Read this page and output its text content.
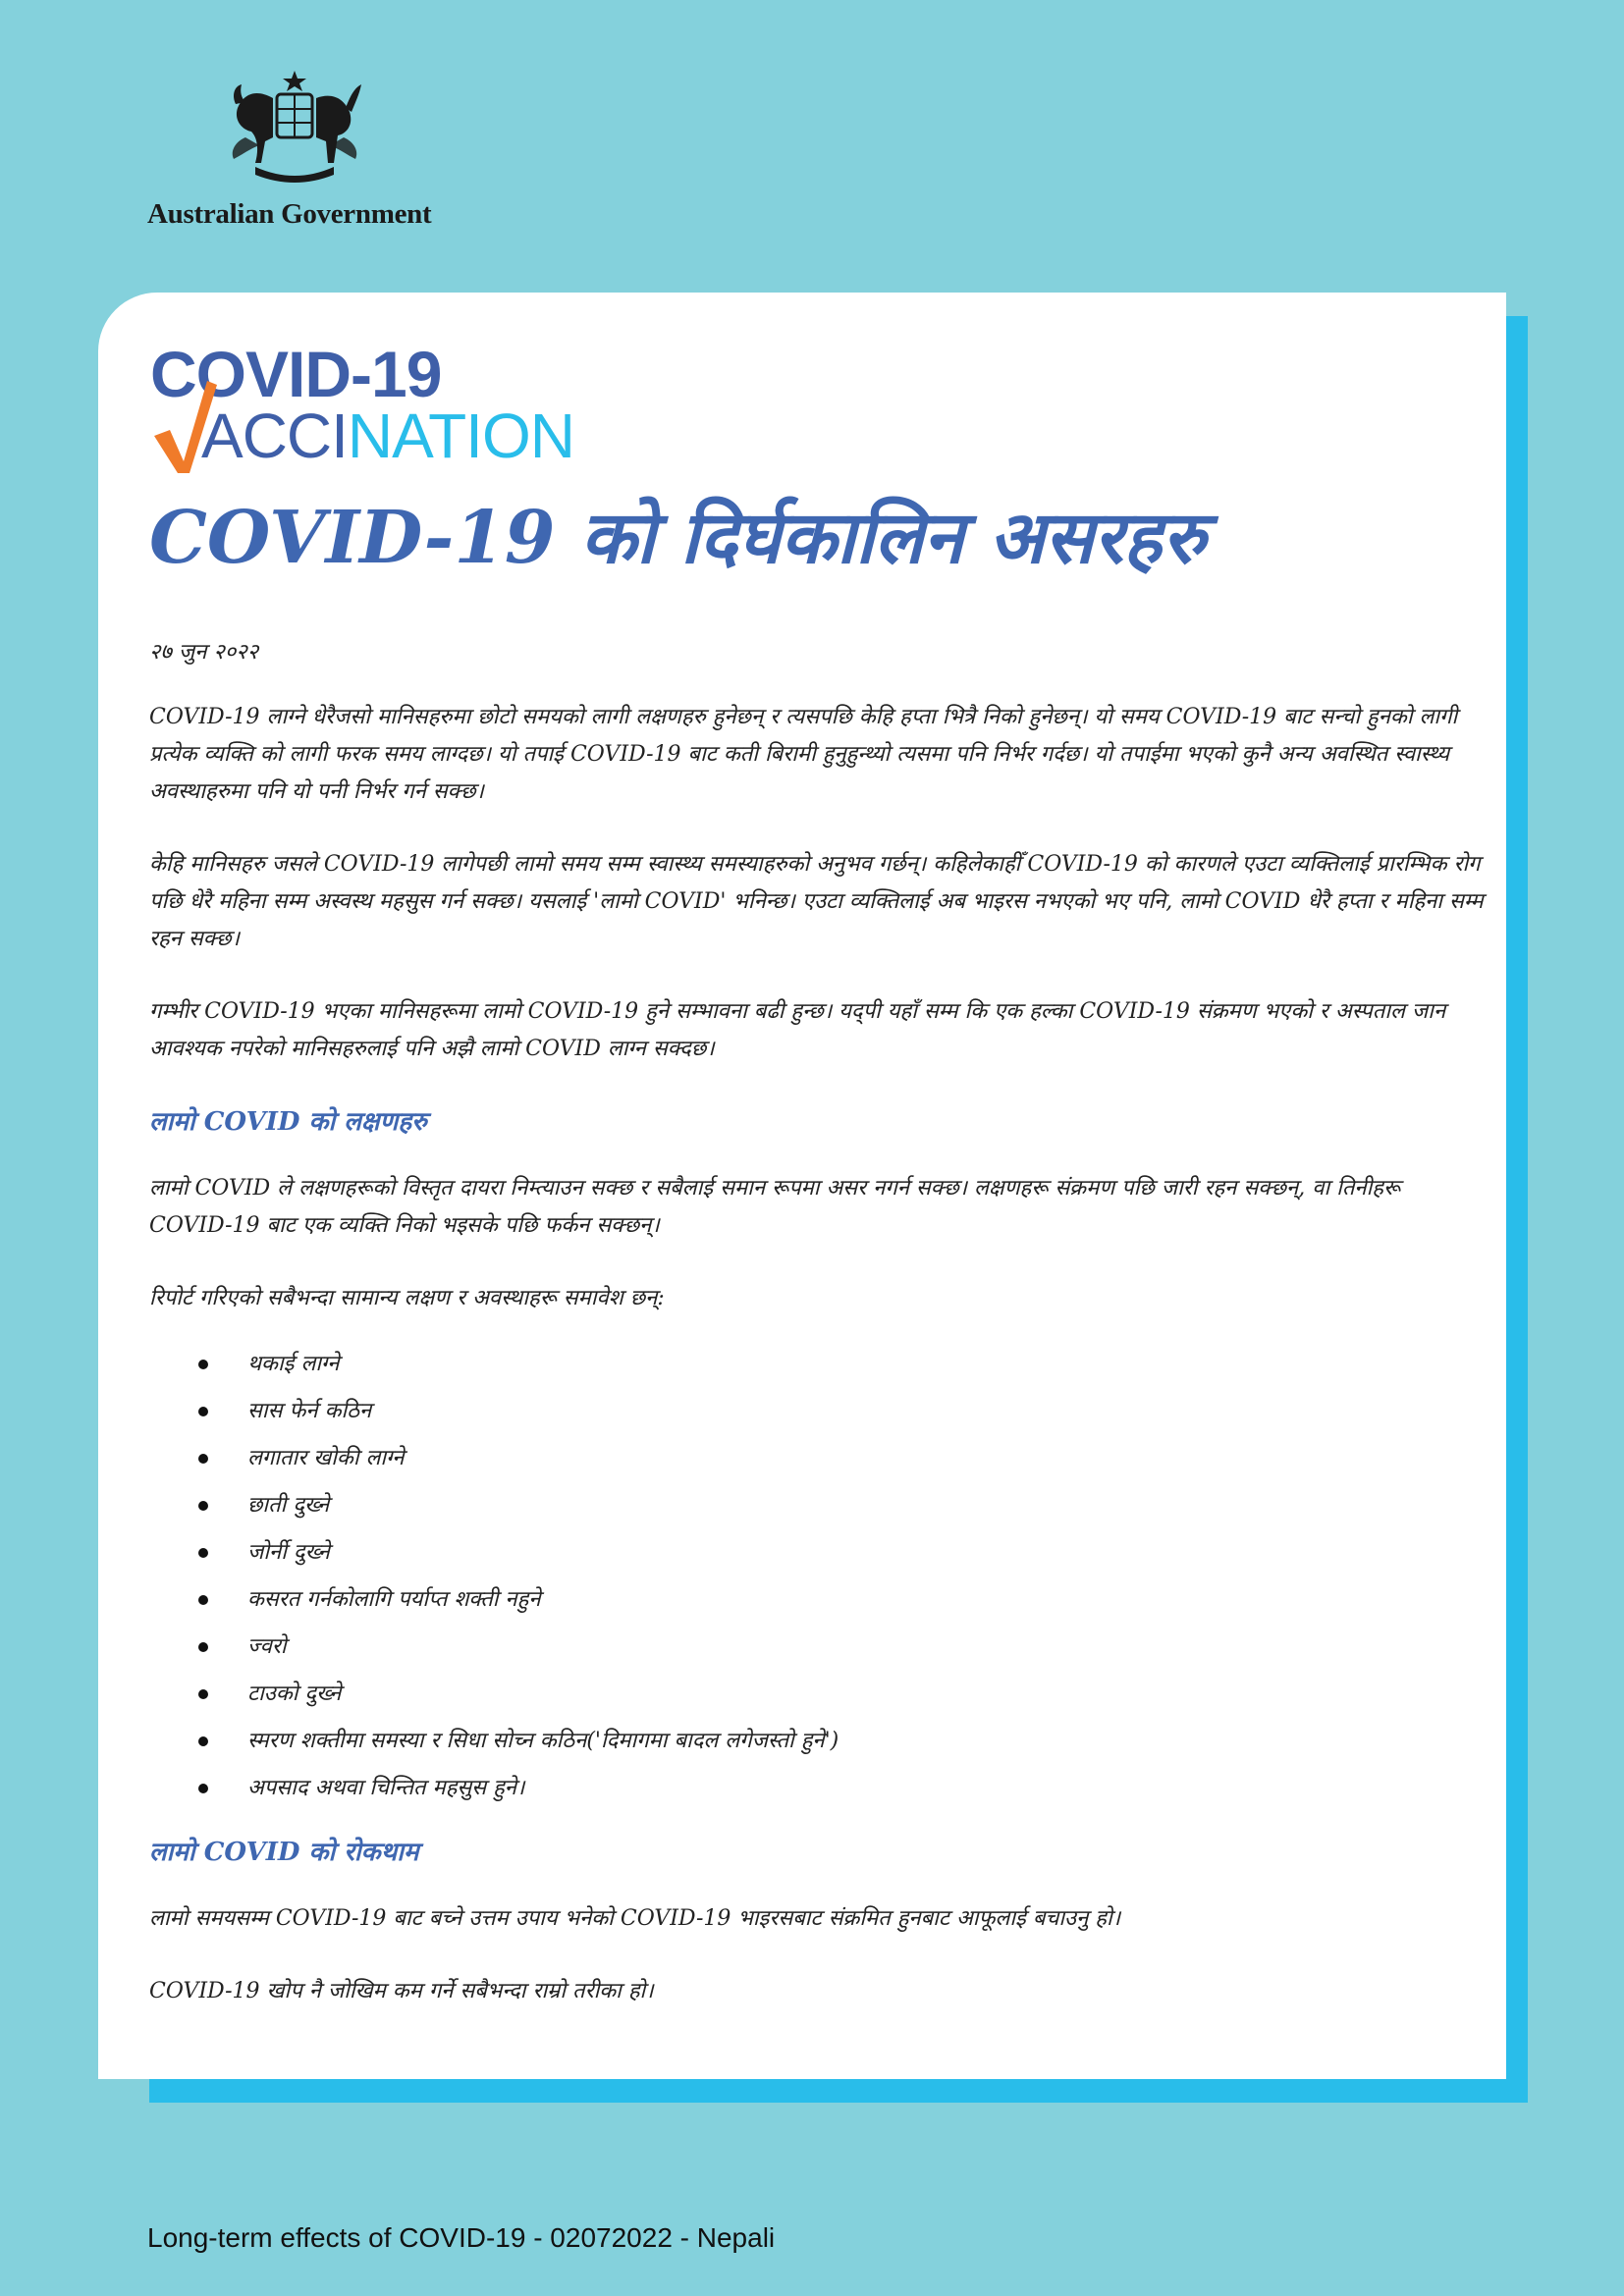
Australian Government
COVID-19
ACCINATION
COVID-19 को दिर्घकालिन असरहरु

२७ जुन २०२२

COVID-19 लाग्ने धेरैजसो मानिसहरुमा छोटो समयको लागी लक्षणहरु हुनेछन् र त्यसपछि केहि हप्ता भित्रै निको हुनेछन्। यो समय COVID-19 बाट सन्चो हुनको लागी प्रत्येक व्यक्ति को लागी फरक समय लाग्दछ। यो तपाई COVID-19 बाट कती बिरामी हुनुहुन्थ्यो त्यसमा पनि निर्भर गर्दछ। यो तपाईमा भएको कुनै अन्य अवस्थित स्वास्थ्य अवस्थाहरुमा पनि यो पनी निर्भर गर्न सक्छ।

केहि मानिसहरु जसले COVID-19 लागेपछी लामो समय सम्म स्वास्थ्य समस्याहरुको अनुभव गर्छन्। कहिलेकाहीँ COVID-19 को कारणले एउटा व्यक्तिलाई प्रारम्भिक रोग पछि धेरै महिना सम्म अस्वस्थ महसुस गर्न सक्छ। यसलाई 'लामो COVID' भनिन्छ। एउटा व्यक्तिलाई अब भाइरस नभएको भए पनि, लामो COVID धेरै हप्ता र महिना सम्म रहन सक्छ।

गम्भीर COVID-19 भएका मानिसहरूमा लामो COVID-19 हुने सम्भावना बढी हुन्छ। यद्पी यहाँ सम्म कि एक हल्का COVID-19 संक्रमण भएको र अस्पताल जान आवश्यक नपरेको मानिसहरुलाई पनि अझै लामो COVID लाग्न सक्दछ।

लामो COVID को लक्षणहरु

लामो COVID ले लक्षणहरूको विस्तृत दायरा निम्त्याउन सक्छ र सबैलाई समान रूपमा असर नगर्न सक्छ। लक्षणहरू संक्रमण पछि जारी रहन सक्छन्, वा तिनीहरू COVID-19 बाट एक व्यक्ति निको भइसके पछि फर्कन सक्छन्।

रिपोर्ट गरिएको सबैभन्दा सामान्य लक्षण र अवस्थाहरू समावेश छन्:

थकाई लाग्ने
सास फेर्न कठिन
लगातार खोकी लाग्ने
छाती दुख्ने
जोर्नी दुख्ने
कसरत गर्नकोलागि पर्याप्त शक्ती नहुने
ज्वरो
टाउको दुख्ने
स्मरण शक्तीमा समस्या र सिधा सोच्न कठिन('दिमागमा बादल लगेजस्तो हुने')
अपसाद अथवा चिन्तित महसुस हुने।

लामो COVID को रोकथाम

लामो समयसम्म COVID-19 बाट बच्ने उत्तम उपाय भनेको COVID-19 भाइरसबाट संक्रमित हुनबाट आफूलाई बचाउनु हो।

COVID-19 खोप नै जोखिम कम गर्ने सबैभन्दा राम्रो तरीका हो।

Long-term effects of COVID-19 - 02072022 - Nepali
